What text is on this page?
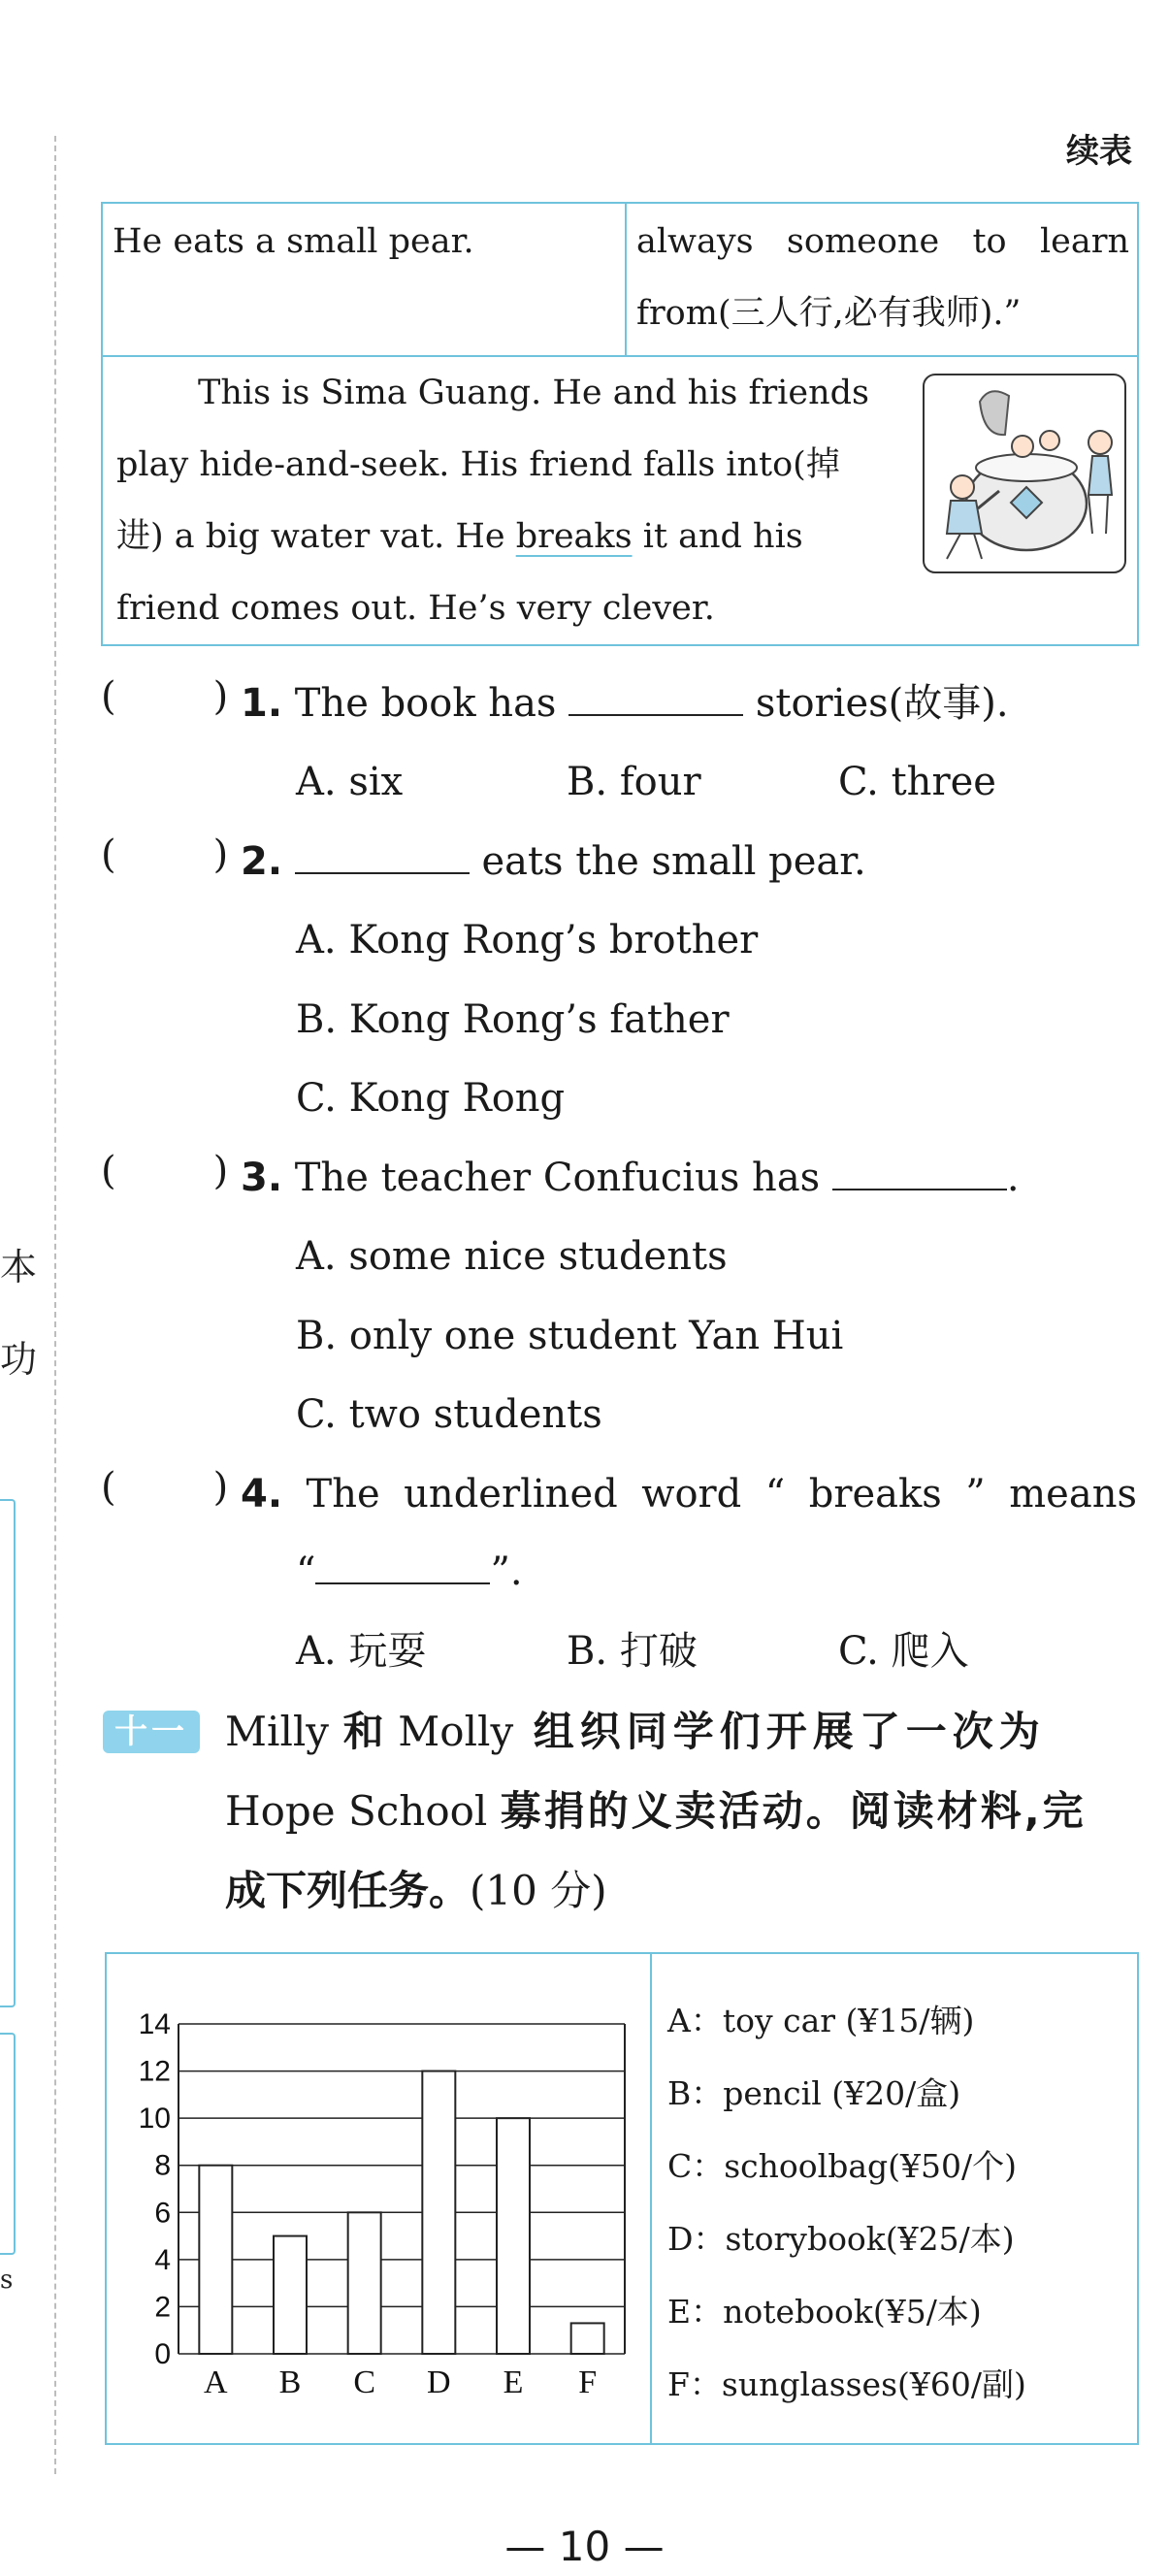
本
功
s
续表
He eats a small pear.	always someone to learn
from(三人行,必有我师).”
This is Sima Guang. He and his friends
play hide-and-seek. His friend falls into(掉
进) a big water vat. He breaks it and his
friend comes out. He’s very clever.
(	) 1. The book has	stories(故事).
A. six	B. four	C. three
(	) 2.	eats the small pear.
A. Kong Rong’s brother
B. Kong Rong’s father
C. Kong Rong
(	) 3. The teacher Confucius has	.
A. some nice students
B. only one student Yan Hui
C. two students
(	) 4. The underlined word “ breaks ” means
“	”.
A. 玩耍	B. 打破	C. 爬入
十一 Milly 和 Molly 组织同学们开展了一次为
Hope School 募捐的义卖活动。阅读材料,完
成下列任务。(10 分)
0
2
4
6
8
10
12
14
A B C D E F
A：toy car (¥15/辆)
B：pencil (¥20/盒)
C：schoolbag(¥50/个)
D：storybook(¥25/本)
E：notebook(¥5/本)
F：sunglasses(¥60/副)
— 10 —
